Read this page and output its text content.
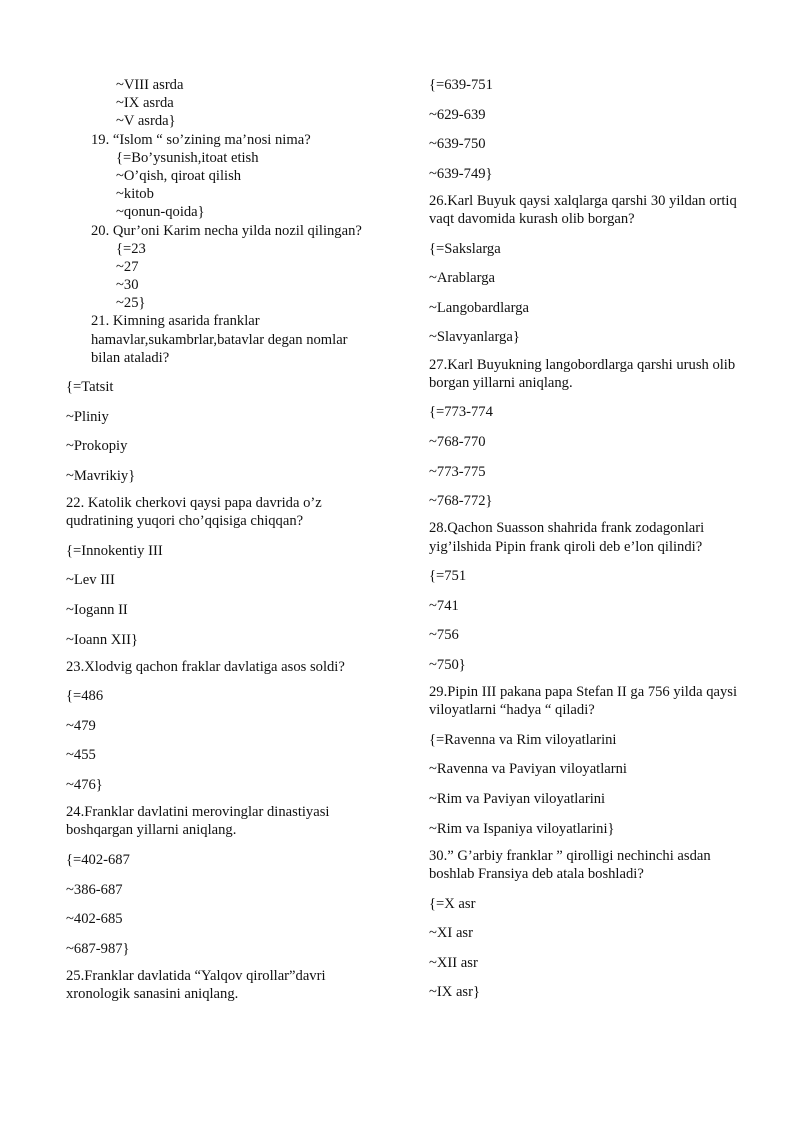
~VIII asrda
~IX asrda
~V asrda}
19. “Islom “ so’zining ma’nosi nima?
{=Bo’ysunish,itoat etish
~O’qish, qiroat qilish
~kitob
~qonun-qoida}
20. Qur’oni Karim necha yilda nozil qilingan?
{=23
~27
~30
~25}
21. Kimning asarida franklar hamavlar,sukambrlar,batavlar degan nomlar bilan ataladi?
{=Tatsit
~Pliniy
~Prokopiy
~Mavrikiy}
22. Katolik cherkovi qaysi papa davrida o’z qudratining yuqori cho’qqisiga chiqqan?
{=Innokentiy III
~Lev III
~Iogann II
~Ioann XII}
23.Xlodvig qachon fraklar davlatiga asos soldi?
{=486
~479
~455
~476}
24.Franklar davlatini merovinglar dinastiyasi boshqargan yillarni aniqlang.
{=402-687
~386-687
~402-685
~687-987}
25.Franklar davlatida “Yalqov qirollar”davri xronologik sanasini aniqlang.
{=639-751
~629-639
~639-750
~639-749}
26.Karl Buyuk qaysi xalqlarga qarshi 30 yildan ortiq vaqt davomida kurash olib borgan?
{=Sakslarga
~Arablarga
~Langobardlarga
~Slavyanlarga}
27.Karl Buyukning langobordlarga qarshi urush olib borgan yillarni aniqlang.
{=773-774
~768-770
~773-775
~768-772}
28.Qachon Suasson shahrida frank zodagonlari yig’ilshida Pipin frank qiroli deb e’lon qilindi?
{=751
~741
~756
~750}
29.Pipin III pakana papa Stefan II ga 756 yilda qaysi viloyatlarni “hadya “ qiladi?
{=Ravenna va Rim viloyatlarini
~Ravenna va Paviyan viloyatlarni
~Rim va Paviyan viloyatlarini
~Rim va Ispaniya viloyatlarini}
30.” G’arbiy franklar ” qirolligi nechinchi asdan boshlab Fransiya deb atala boshladi?
{=X asr
~XI asr
~XII asr
~IX asr}
